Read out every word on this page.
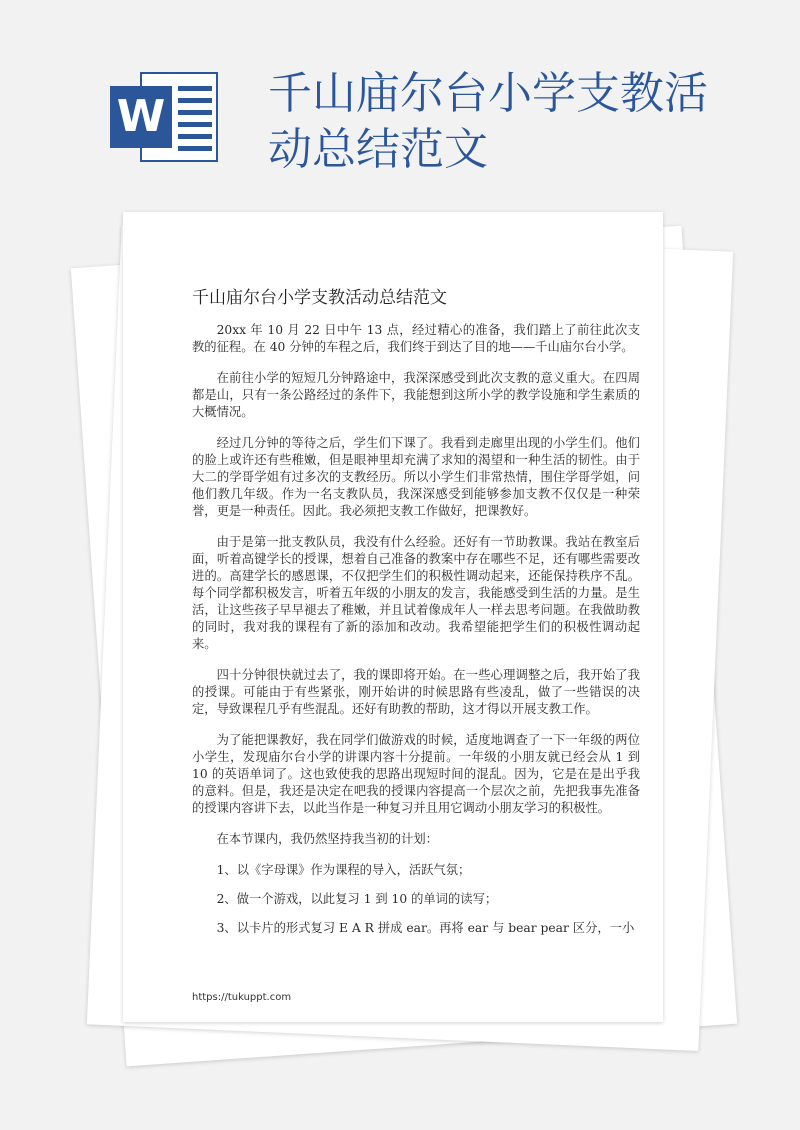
W 千山庙尔台小学支教活动总结范文
千山庙尔台小学支教活动总结范文

20xx 年 10 月 22 日中午 13 点，经过精心的准备，我们踏上了前往此次支教的征程。在 40 分钟的车程之后，我们终于到达了目的地——千山庙尔台小学。

在前往小学的短短几分钟路途中，我深深感受到此次支教的意义重大。在四周都是山，只有一条公路经过的条件下，我能想到这所小学的教学设施和学生素质的大概情况。

经过几分钟的等待之后，学生们下课了。我看到走廊里出现的小学生们。他们的脸上或许还有些稚嫩，但是眼神里却充满了求知的渴望和一种生活的韧性。由于大二的学哥学姐有过多次的支教经历。所以小学生们非常热情，围住学哥学姐，问他们教几年级。作为一名支教队员，我深深感受到能够参加支教不仅仅是一种荣誉，更是一种责任。因此。我必须把支教工作做好，把课教好。

由于是第一批支教队员，我没有什么经验。还好有一节助教课。我站在教室后面，听着高键学长的授课，想着自己准备的教案中存在哪些不足，还有哪些需要改进的。高建学长的感恩课，不仅把学生们的积极性调动起来，还能保持秩序不乱。每个同学都积极发言，听着五年级的小朋友的发言，我能感受到生活的力量。是生活，让这些孩子早早褪去了稚嫩，并且试着像成年人一样去思考问题。在我做助教的同时，我对我的课程有了新的添加和改动。我希望能把学生们的积极性调动起来。

四十分钟很快就过去了，我的课即将开始。在一些心理调整之后，我开始了我的授课。可能由于有些紧张，刚开始讲的时候思路有些凌乱，做了一些错误的决定，导致课程几乎有些混乱。还好有助教的帮助，这才得以开展支教工作。

为了能把课教好，我在同学们做游戏的时候，适度地调查了一下一年级的两位小学生，发现庙尔台小学的讲课内容十分提前。一年级的小朋友就已经会从 1 到 10 的英语单词了。这也致使我的思路出现短时间的混乱。因为，它是在是出乎我的意料。但是，我还是决定在吧我的授课内容提高一个层次之前，先把我事先准备的授课内容讲下去，以此当作是一种复习并且用它调动小朋友学习的积极性。

在本节课内，我仍然坚持我当初的计划：

1、以《字母课》作为课程的导入，活跃气氛；

2、做一个游戏，以此复习 1 到 10 的单词的读写；

3、以卡片的形式复习 E A R 拼成 ear。再将 ear 与 bear pear 区分，一小

https://tukuppt.com
